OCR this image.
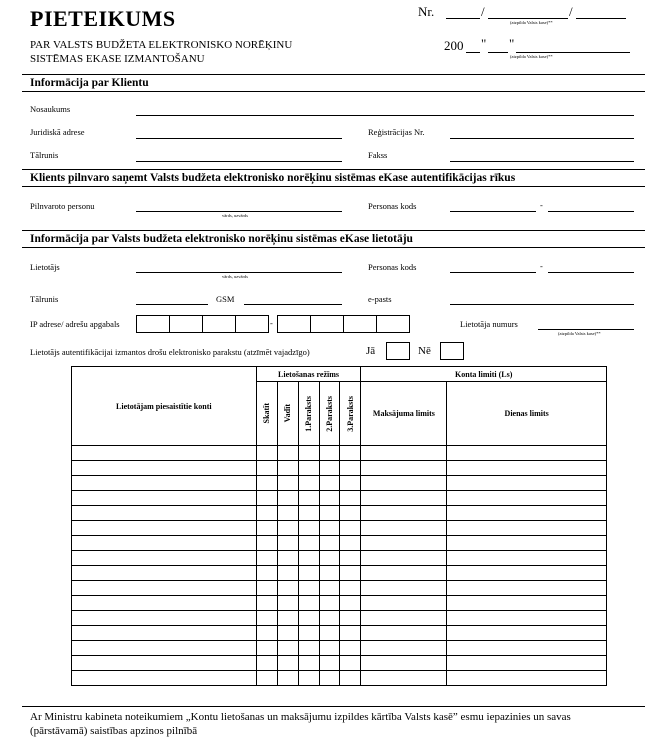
PIETEIKUMS
PAR VALSTS BUDŽETA ELEKTRONISKO NORĒĶINU SISTĒMAS EKASE IZMANTOŠANU
Nr.	/	/
(aizpilda Valsts kase)**
200 " "
(aizpilda Valsts kase)**
Informācija par Klientu
Nosaukums
Juridiskā adrese	Reģistrācijas Nr.
Tālrunis	Fakss
Klients pilnvaro saņemt Valsts budžeta elektronisko norēķinu sistēmas eKase autentifikācijas rīkus
Pilnvaroto personu
vārds, uzvārds
Personas kods	-
Informācija par Valsts budžeta elektronisko norēķinu sistēmas eKase lietotāju
Lietotājs
vārds, uzvārds
Personas kods	-
Tālrunis	GSM	e-pasts
IP adrese/ adrešu apgabals	-	Lietotāja numurs
(aizpilda Valsts kase)**
Lietotājs autentifikācijai izmantos drošu elektronisko parakstu (atzīmēt vajadzīgo)	Jā	Nē
Lietotājam piesaistītie konti	Lietošanas režīms					Konta limiti (Ls)	

	Skatīt	Vadīt	1.Paraksts	2.Paraksts	3.Paraksts	Maksājuma limits	Dienas limits

Ar Ministru kabineta noteikumiem „Kontu lietošanas un maksājumu izpildes kārtība Valsts kasē” esmu iepazinies un savas (pārstāvamā) saistības apzinos pilnībā
